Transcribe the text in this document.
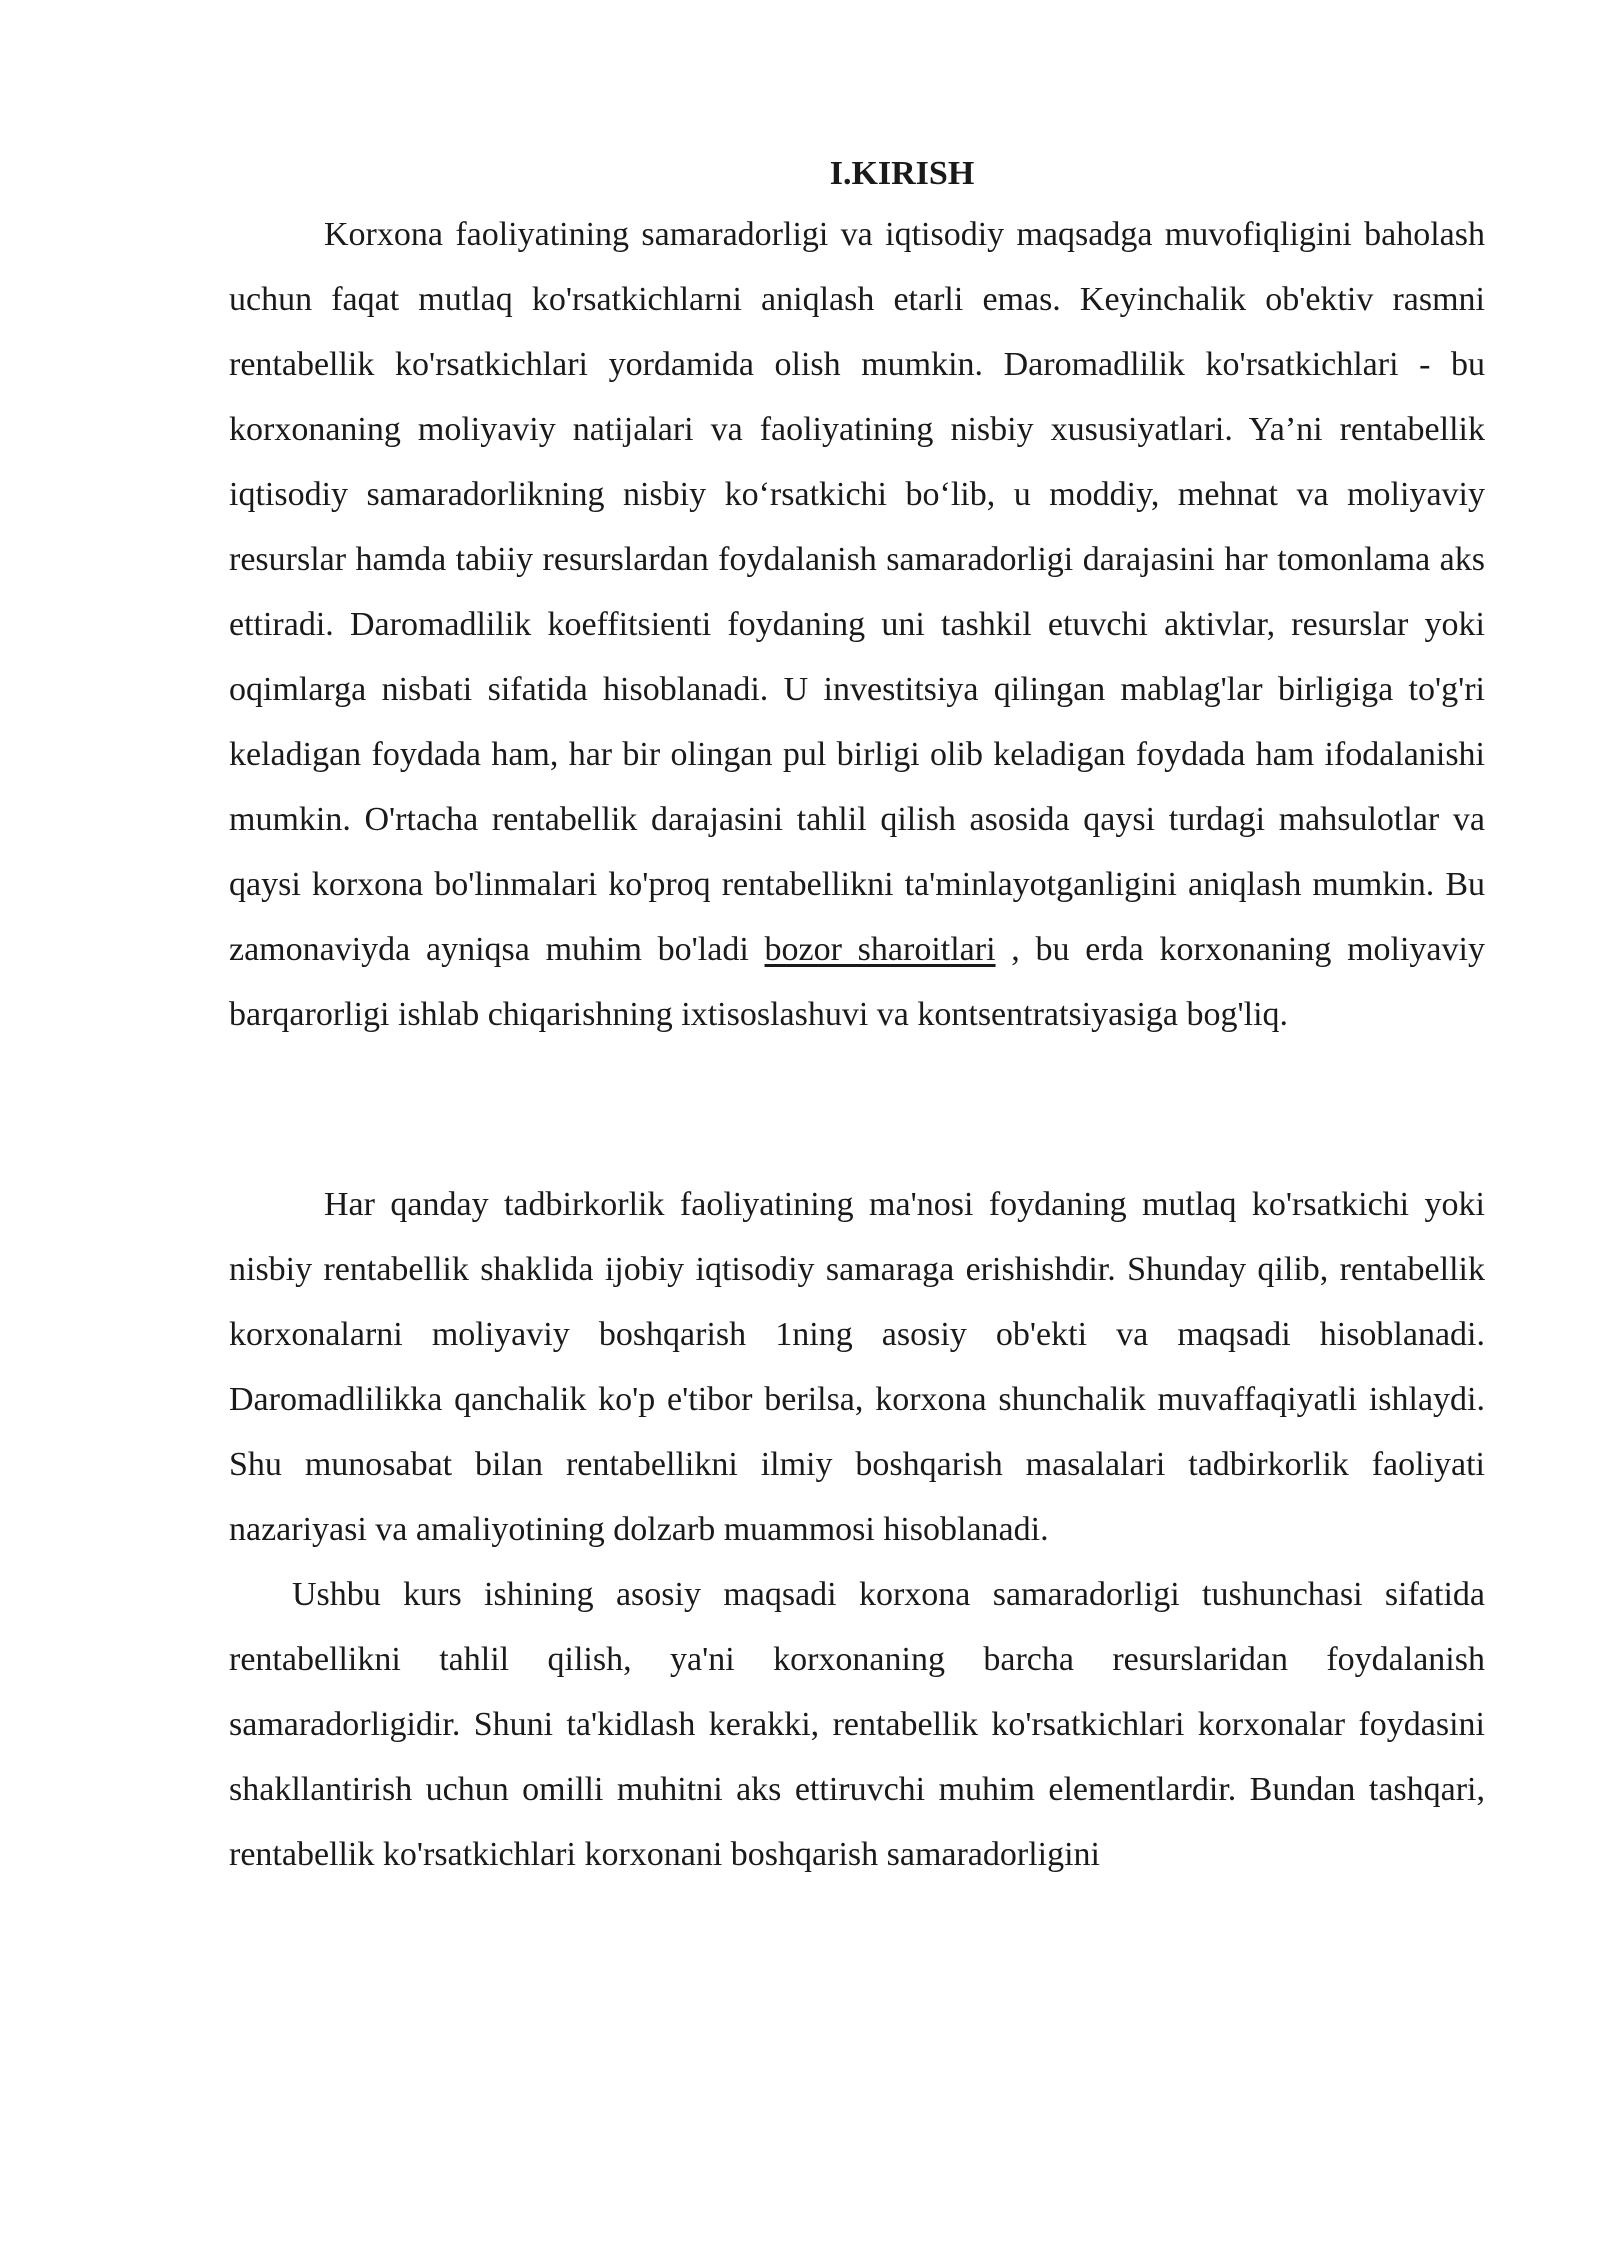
I.KIRISH

Korxona faoliyatining samaradorligi va iqtisodiy maqsadga muvofiqligini baholash uchun faqat mutlaq ko'rsatkichlarni aniqlash etarli emas. Keyinchalik ob'ektiv rasmni rentabellik ko'rsatkichlari yordamida olish mumkin. Daromadlilik ko'rsatkichlari - bu korxonaning moliyaviy natijalari va faoliyatining nisbiy xususiyatlari. Ya’ni rentabellik iqtisodiy samaradorlikning nisbiy ko‘rsatkichi bo‘lib, u moddiy, mehnat va moliyaviy resurslar hamda tabiiy resurslardan foydalanish samaradorligi darajasini har tomonlama aks ettiradi. Daromadlilik koeffitsienti foydaning uni tashkil etuvchi aktivlar, resurslar yoki oqimlarga nisbati sifatida hisoblanadi. U investitsiya qilingan mablag'lar birligiga to'g'ri keladigan foydada ham, har bir olingan pul birligi olib keladigan foydada ham ifodalanishi mumkin. O'rtacha rentabellik darajasini tahlil qilish asosida qaysi turdagi mahsulotlar va qaysi korxona bo'linmalari ko'proq rentabellikni ta'minlayotganligini aniqlash mumkin. Bu zamonaviyda ayniqsa muhim bo'ladi bozor sharoitlari , bu erda korxonaning moliyaviy barqarorligi ishlab chiqarishning ixtisoslashuvi va kontsentratsiyasiga bog'liq.

Har qanday tadbirkorlik faoliyatining ma'nosi foydaning mutlaq ko'rsatkichi yoki nisbiy rentabellik shaklida ijobiy iqtisodiy samaraga erishishdir. Shunday qilib, rentabellik korxonalarni moliyaviy boshqarish 1ning asosiy ob'ekti va maqsadi hisoblanadi. Daromadlilikka qanchalik ko'p e'tibor berilsa, korxona shunchalik muvaffaqiyatli ishlaydi. Shu munosabat bilan rentabellikni ilmiy boshqarish masalalari tadbirkorlik faoliyati nazariyasi va amaliyotining dolzarb muammosi hisoblanadi.

Ushbu kurs ishining asosiy maqsadi korxona samaradorligi tushunchasi sifatida rentabellikni tahlil qilish, ya'ni korxonaning barcha resurslaridan foydalanish samaradorligidir. Shuni ta'kidlash kerakki, rentabellik ko'rsatkichlari korxonalar foydasini shakllantirish uchun omilli muhitni aks ettiruvchi muhim elementlardir. Bundan tashqari, rentabellik ko'rsatkichlari korxonani boshqarish samaradorligini
